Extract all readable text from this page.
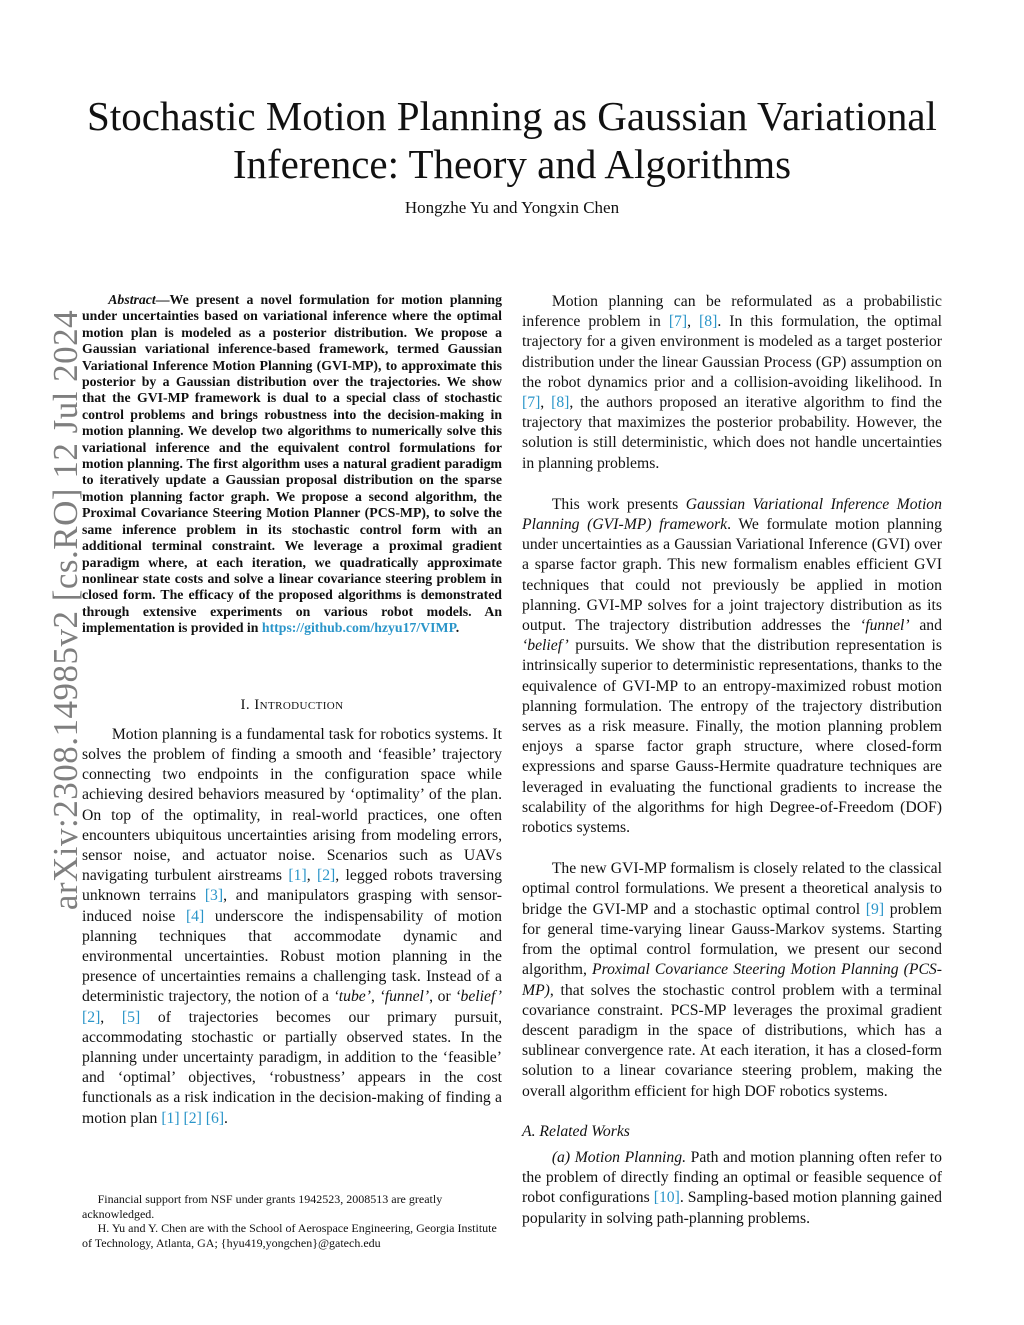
arXiv:2308.14985v2 [cs.RO] 12 Jul 2024
Stochastic Motion Planning as Gaussian Variational
Inference: Theory and Algorithms
Hongzhe Yu and Yongxin Chen

Abstract—We present a novel formulation for motion planning under uncertainties based on variational inference where the optimal motion plan is modeled as a posterior distribution. We propose a Gaussian variational inference-based framework, termed Gaussian Variational Inference Motion Planning (GVI-MP), to approximate this posterior by a Gaussian distribution over the trajectories. We show that the GVI-MP framework is dual to a special class of stochastic control problems and brings robustness into the decision-making in motion planning. We develop two algorithms to numerically solve this variational inference and the equivalent control formulations for motion planning. The first algorithm uses a natural gradient paradigm to iteratively update a Gaussian proposal distribution on the sparse motion planning factor graph. We propose a second algorithm, the Proximal Covariance Steering Motion Planner (PCS-MP), to solve the same inference problem in its stochastic control form with an additional terminal constraint. We leverage a proximal gradient paradigm where, at each iteration, we quadratically approximate nonlinear state costs and solve a linear covariance steering problem in closed form. The efficacy of the proposed algorithms is demonstrated through extensive experiments on various robot models. An implementation is provided in https://github.com/hzyu17/VIMP.

I. Introduction

Motion planning is a fundamental task for robotics systems. It solves the problem of finding a smooth and ‘feasible’ trajectory connecting two endpoints in the configuration space while achieving desired behaviors measured by ‘optimality’ of the plan. On top of the optimality, in real-world practices, one often encounters ubiquitous uncertainties arising from modeling errors, sensor noise, and actuator noise. Scenarios such as UAVs navigating turbulent airstreams [1], [2], legged robots traversing unknown terrains [3], and manipulators grasping with sensor-induced noise [4] underscore the indispensability of motion planning techniques that accommodate dynamic and environmental uncertainties. Robust motion planning in the presence of uncertainties remains a challenging task. Instead of a deterministic trajectory, the notion of a ‘tube’, ‘funnel’, or ‘belief’ [2], [5] of trajectories becomes our primary pursuit, accommodating stochastic or partially observed states. In the planning under uncertainty paradigm, in addition to the ‘feasible’ and ‘optimal’ objectives, ‘robustness’ appears in the cost functionals as a risk indication in the decision-making of finding a motion plan [1] [2] [6].

Financial support from NSF under grants 1942523, 2008513 are greatly acknowledged.

H. Yu and Y. Chen are with the School of Aerospace Engineering, Georgia Institute of Technology, Atlanta, GA; {hyu419,yongchen}@gatech.edu

Motion planning can be reformulated as a probabilistic inference problem in [7], [8]. In this formulation, the optimal trajectory for a given environment is modeled as a target posterior distribution under the linear Gaussian Process (GP) assumption on the robot dynamics prior and a collision-avoiding likelihood. In [7], [8], the authors proposed an iterative algorithm to find the trajectory that maximizes the posterior probability. However, the solution is still deterministic, which does not handle uncertainties in planning problems.

This work presents Gaussian Variational Inference Motion Planning (GVI-MP) framework. We formulate motion planning under uncertainties as a Gaussian Variational Inference (GVI) over a sparse factor graph. This new formalism enables efficient GVI techniques that could not previously be applied in motion planning. GVI-MP solves for a joint trajectory distribution as its output. The trajectory distribution addresses the ‘funnel’ and ‘belief’ pursuits. We show that the distribution representation is intrinsically superior to deterministic representations, thanks to the equivalence of GVI-MP to an entropy-maximized robust motion planning formulation. The entropy of the trajectory distribution serves as a risk measure. Finally, the motion planning problem enjoys a sparse factor graph structure, where closed-form expressions and sparse Gauss-Hermite quadrature techniques are leveraged in evaluating the functional gradients to increase the scalability of the algorithms for high Degree-of-Freedom (DOF) robotics systems.

The new GVI-MP formalism is closely related to the classical optimal control formulations. We present a theoretical analysis to bridge the GVI-MP and a stochastic optimal control [9] problem for general time-varying linear Gauss-Markov systems. Starting from the optimal control formulation, we present our second algorithm, Proximal Covariance Steering Motion Planning (PCS-MP), that solves the stochastic control problem with a terminal covariance constraint. PCS-MP leverages the proximal gradient descent paradigm in the space of distributions, which has a sublinear convergence rate. At each iteration, it has a closed-form solution to a linear covariance steering problem, making the overall algorithm efficient for high DOF robotics systems.

A. Related Works

(a) Motion Planning. Path and motion planning often refer to the problem of directly finding an optimal or feasible sequence of robot configurations [10]. Sampling-based motion planning gained popularity in solving path-planning problems.
